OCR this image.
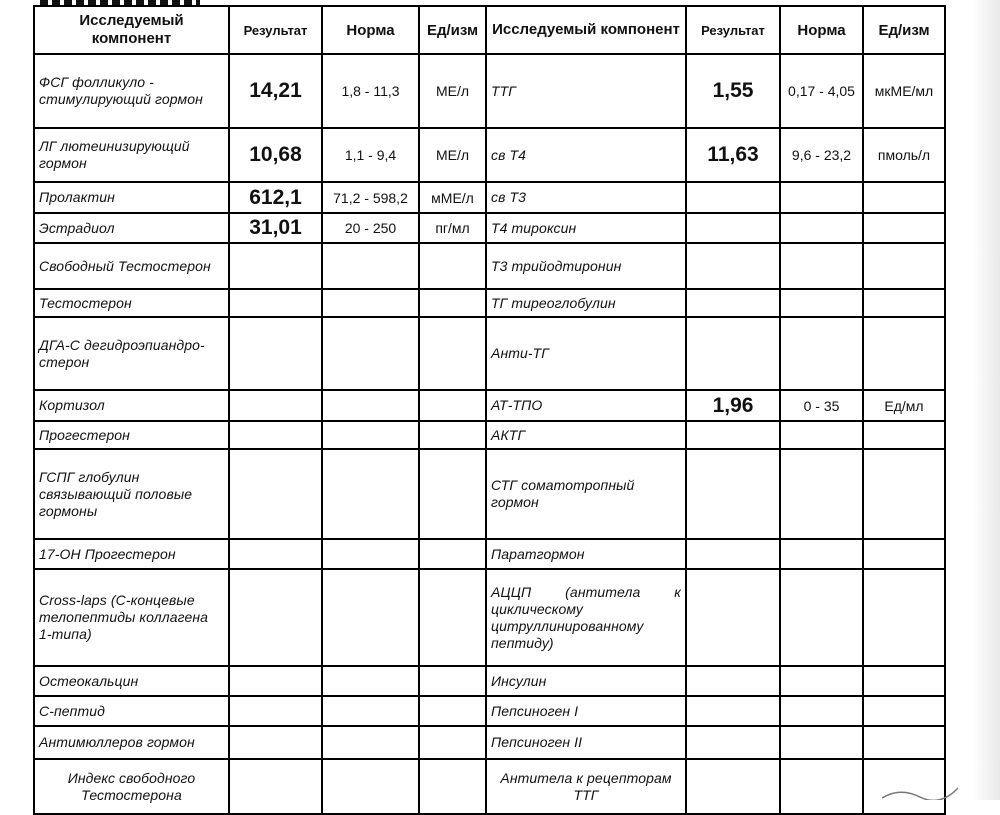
Исследуемый компонент	Результат	Норма	Ед/изм	Исследуемый компонент	Результат	Норма	Ед/изм
ФСГ фолликуло - стимулирующий гормон	14,21	1,8 - 11,3	МЕ/л	ТТГ	1,55	0,17 - 4,05	мкМЕ/мл
ЛГ лютеинизирующий гормон	10,68	1,1 - 9,4	МЕ/л	св Т4	11,63	9,6 - 23,2	пмоль/л
Пролактин	612,1	71,2 - 598,2	мМЕ/л	св Т3			
Эстрадиол	31,01	20 - 250	пг/мл	Т4 тироксин			
Свободный Тестостерон				Т3 трийодтиронин			
Тестостерон				ТГ тиреоглобулин			
ДГА-С дегидроэпиандро-стерон				Анти-ТГ			
Кортизол				АТ-ТПО	1,96	0 - 35	Ед/мл
Прогестерон				АКТГ			
ГСПГ глобулин связывающий половые гормоны				СТГ соматотропный гормон			
17-ОН Прогестерон				Паратгормон			
Cross-laps (C-концевые телопептиды коллагена 1-типа)				АЦЦП (антитела к циклическому цитруллинированному пептиду)			
Остеокальцин				Инсулин			
С-пептид				Пепсиноген I			
Антимюллеров гормон				Пепсиноген II			
Индекс свободного Тестостерона				Антитела к рецепторам ТТГ			
